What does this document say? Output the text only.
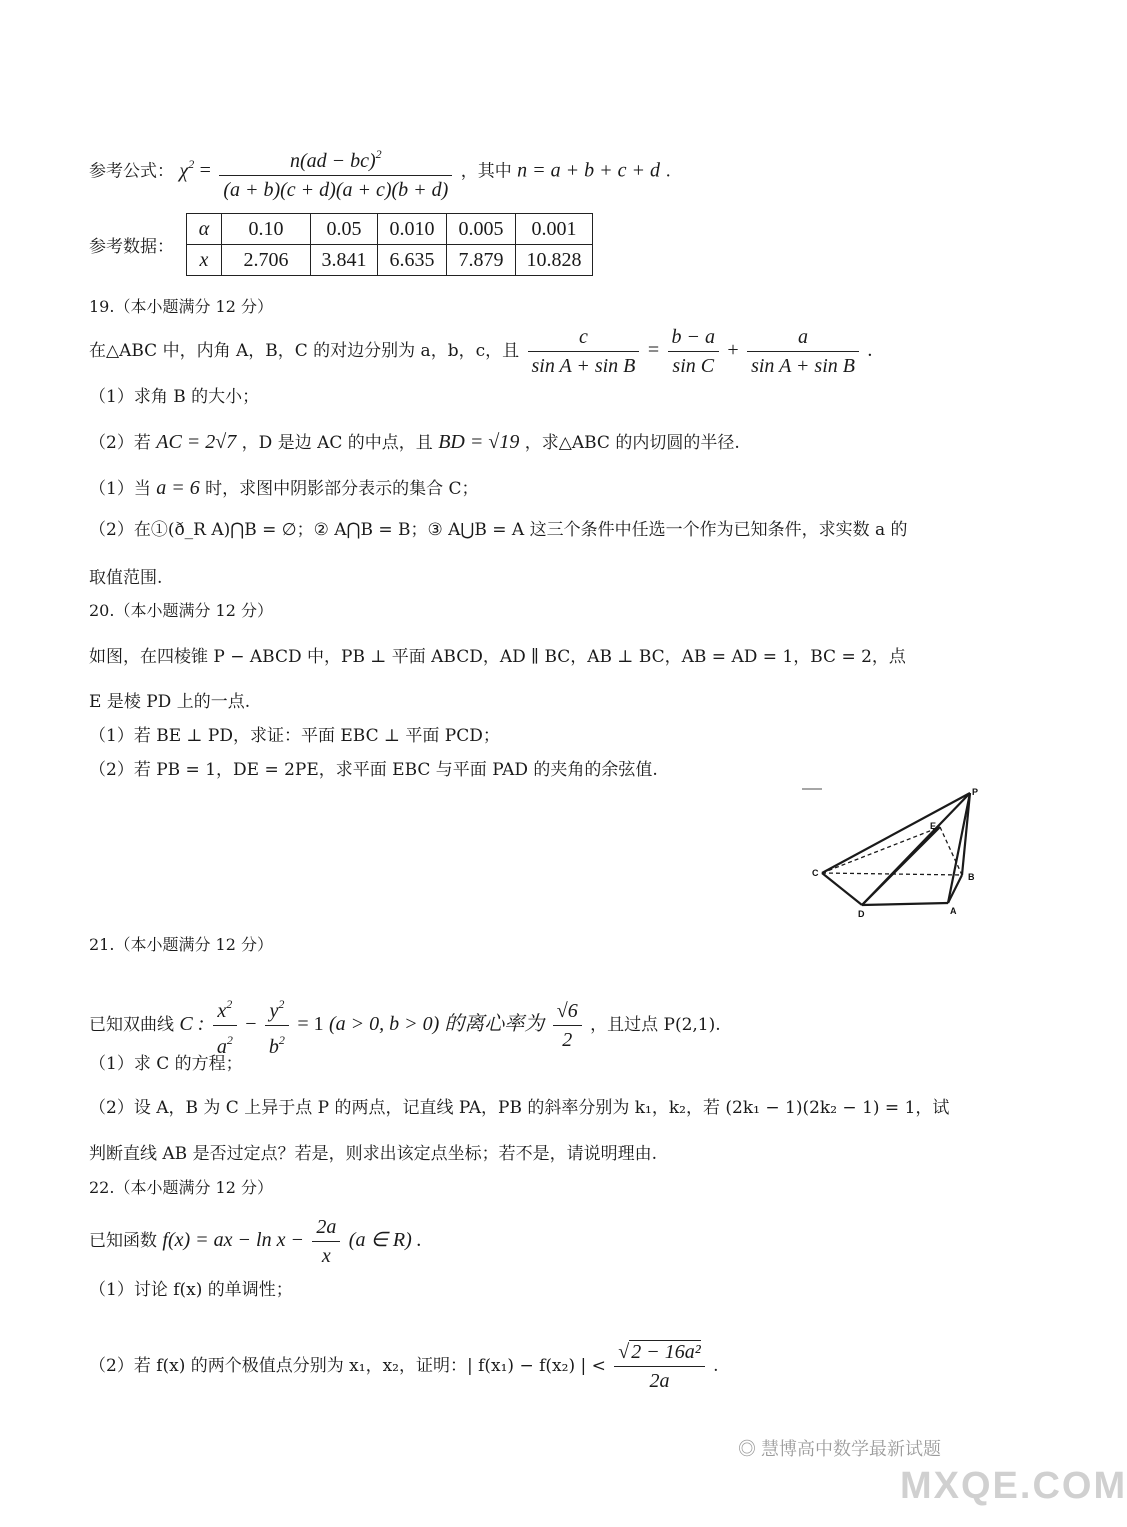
参考公式： $\chi^2 = \frac{n(ad - bc)^2}{(a + b)(c + d)(a + c)(b + d)}$ ，其中 n = a + b + c + d .
参考数据：
α	0.10	0.05	0.010	0.005	0.001
x	2.706	3.841	6.635	7.879	10.828
19.（本小题满分 12 分）
在△ABC 中，内角 A，B，C 的对边分别为 a，b，c，且 $\frac{c}{\text{sin A + sin B}} = \frac{b - a}{\text{sin C}} + \frac{a}{\text{sin A + sin B}}$ .
（1）求角 B 的大小；
（2）若 AC = 2√7 ，D 是边 AC 的中点，且 BD = √19 ，求△ABC 的内切圆的半径.
（1）当 a = 6 时，求图中阴影部分表示的集合 C；
（2）在①(ð_R A)⋂B = ∅；② A⋂B = B；③ A⋃B = A 这三个条件中任选一个作为已知条件，求实数 a 的
取值范围.
20.（本小题满分 12 分）
如图，在四棱锥 P − ABCD 中，PB ⊥ 平面 ABCD，AD ∥ BC，AB ⊥ BC，AB = AD = 1，BC = 2，点
E 是棱 PD 上的一点.
（1）若 BE ⊥ PD，求证：平面 EBC ⊥ 平面 PCD；
（2）若 PB = 1，DE = 2PE，求平面 EBC 与平面 PAD 的夹角的余弦值.
P
E
C	B
D	A
21.（本小题满分 12 分）
已知双曲线 C : $\frac{x^2}{a^2} - \frac{y^2}{b^2} = 1$ (a > 0, b > 0) 的离心率为 $\frac{√6}{2}$ ，且过点 P(2,1).
（1）求 C 的方程；
（2）设 A，B 为 C 上异于点 P 的两点，记直线 PA，PB 的斜率分别为 k₁，k₂，若 (2k₁ − 1)(2k₂ − 1) = 1，试
判断直线 AB 是否过定点？若是，则求出该定点坐标；若不是，请说明理由.
22.（本小题满分 12 分）
已知函数 f(x) = ax − $\ln x - \frac{2a}{x} (a$ ∈ R) .
（1）讨论 f(x) 的单调性；
（2）若 f(x) 的两个极值点分别为 x₁，x₂，证明：| f(x₁) − f(x₂) | < $\frac{\text{√ 2 − 16a²}}{2a}$ .
◎ 慧博高中数学最新试题
MXQE.COM
